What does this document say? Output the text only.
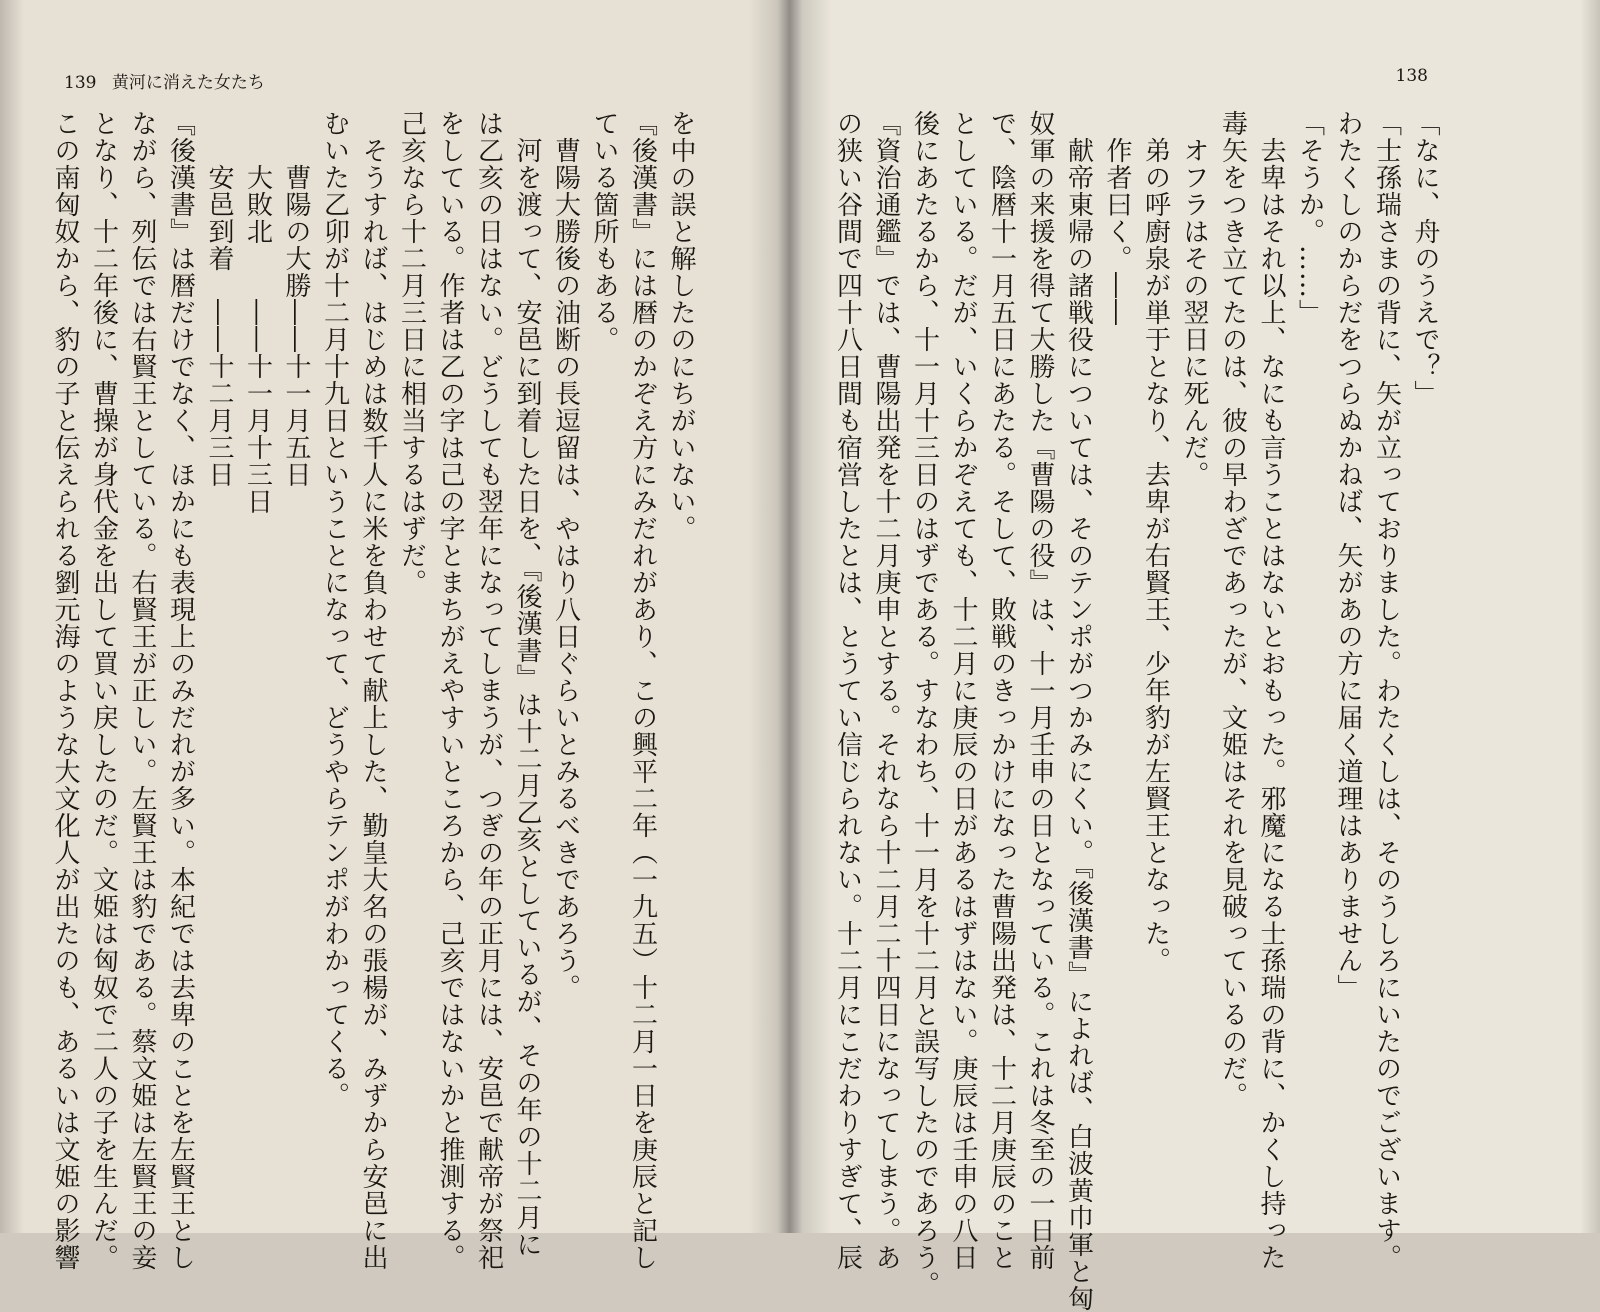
139 黄河に消えた女たち
を中の誤と解したのにちがいない。
『後漢書』には暦のかぞえ方にみだれがあり、この興平二年（一九五）十二月一日を庚辰と記し
ている箇所もある。
　曹陽大勝後の油断の長逗留は、やはり八日ぐらいとみるべきであろう。
　河を渡って、安邑に到着した日を、『後漢書』は十二月乙亥としているが、その年の十二月に
は乙亥の日はない。どうしても翌年になってしまうが、つぎの年の正月には、安邑で献帝が祭祀
をしている。作者は乙の字は己の字とまちがえやすいところから、己亥ではないかと推測する。
己亥なら十二月三日に相当するはずだ。
　そうすれば、はじめは数千人に米を負わせて献上した、勤皇大名の張楊が、みずから安邑に出
むいた乙卯が十二月十九日ということになって、どうやらテンポがわかってくる。
　　曹陽の大勝――十一月五日
　　大敗北　　――十一月十三日
　　安邑到着　――十二月三日
『後漢書』は暦だけでなく、ほかにも表現上のみだれが多い。本紀では去卑のことを左賢王とし
ながら、列伝では右賢王としている。右賢王が正しい。左賢王は豹である。蔡文姫は左賢王の妾
となり、十二年後に、曹操が身代金を出して買い戻したのだ。文姫は匈奴で二人の子を生んだ。
この南匈奴から、豹の子と伝えられる劉元海のような大文化人が出たのも、あるいは文姫の影響
138
「なに、舟のうえで？」
「士孫瑞さまの背に、矢が立っておりました。わたくしは、そのうしろにいたのでございます。
わたくしのからだをつらぬかねば、矢があの方に届く道理はありません」
「そうか。……」
　去卑はそれ以上、なにも言うことはないとおもった。邪魔になる士孫瑞の背に、かくし持った
毒矢をつき立てたのは、彼の早わざであったが、文姫はそれを見破っているのだ。
　オフラはその翌日に死んだ。
　弟の呼廚泉が単于となり、去卑が右賢王、少年豹が左賢王となった。
　作者曰く。――
　献帝東帰の諸戦役については、そのテンポがつかみにくい。『後漢書』によれば、白波黄巾軍と匈
奴軍の来援を得て大勝した『曹陽の役』は、十一月壬申の日となっている。これは冬至の一日前
で、陰暦十一月五日にあたる。そして、敗戦のきっかけになった曹陽出発は、十二月庚辰のこと
としている。だが、いくらかぞえても、十二月に庚辰の日があるはずはない。庚辰は壬申の八日
後にあたるから、十一月十三日のはずである。すなわち、十一月を十二月と誤写したのであろう。
『資治通鑑』では、曹陽出発を十二月庚申とする。それなら十二月二十四日になってしまう。あ
の狭い谷間で四十八日間も宿営したとは、とうてい信じられない。十二月にこだわりすぎて、辰
